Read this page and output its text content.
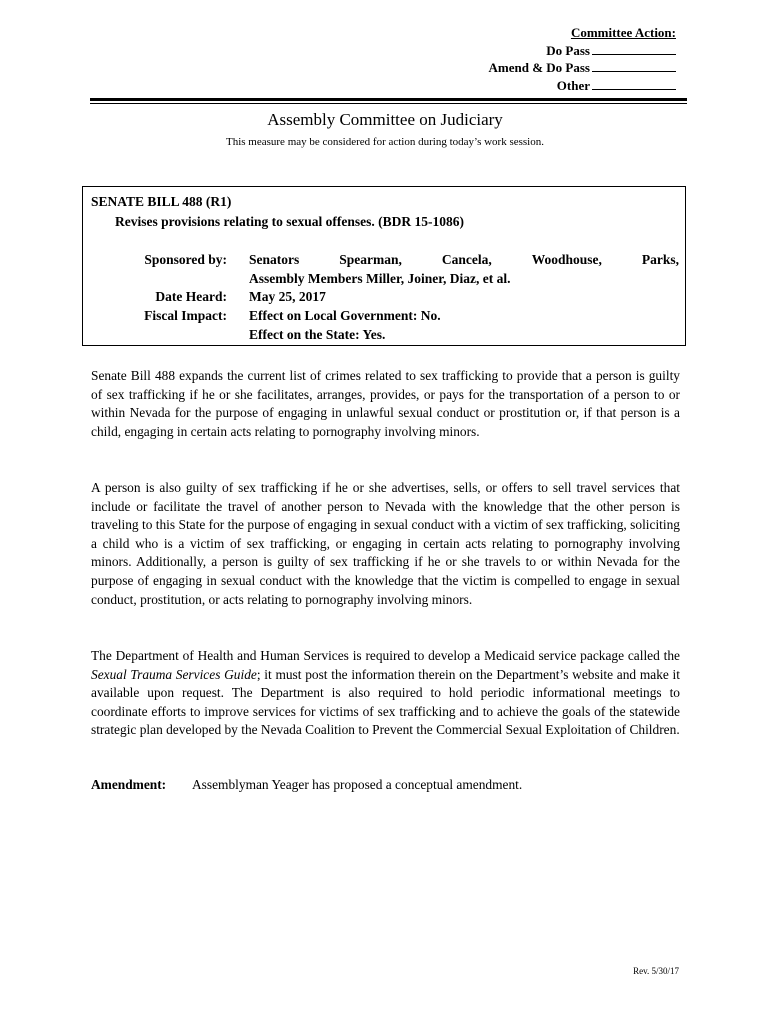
Committee Action:
Do Pass
Amend & Do Pass
Other
Assembly Committee on Judiciary
This measure may be considered for action during today’s work session.
SENATE BILL 488 (R1)
Revises provisions relating to sexual offenses. (BDR 15-1086)
Sponsored by: Senators	Spearman,	Cancela,	Woodhouse,	Parks,
Assembly Members Miller, Joiner, Diaz, et al.
Date Heard: May 25, 2017
Fiscal Impact: Effect on Local Government: No.
Effect on the State: Yes.
Senate Bill 488 expands the current list of crimes related to sex trafficking to provide that a person is guilty of sex trafficking if he or she facilitates, arranges, provides, or pays for the transportation of a person to or within Nevada for the purpose of engaging in unlawful sexual conduct or prostitution or, if that person is a child, engaging in certain acts relating to pornography involving minors.
A person is also guilty of sex trafficking if he or she advertises, sells, or offers to sell travel services that include or facilitate the travel of another person to Nevada with the knowledge that the other person is traveling to this State for the purpose of engaging in sexual conduct with a victim of sex trafficking, soliciting a child who is a victim of sex trafficking, or engaging in certain acts relating to pornography involving minors. Additionally, a person is guilty of sex trafficking if he or she travels to or within Nevada for the purpose of engaging in sexual conduct with the knowledge that the victim is compelled to engage in sexual conduct, prostitution, or acts relating to pornography involving minors.
The Department of Health and Human Services is required to develop a Medicaid service package called the Sexual Trauma Services Guide; it must post the information therein on the Department’s website and make it available upon request. The Department is also required to hold periodic informational meetings to coordinate efforts to improve services for victims of sex trafficking and to achieve the goals of the statewide strategic plan developed by the Nevada Coalition to Prevent the Commercial Sexual Exploitation of Children.
Amendment: Assemblyman Yeager has proposed a conceptual amendment.
Rev. 5/30/17
